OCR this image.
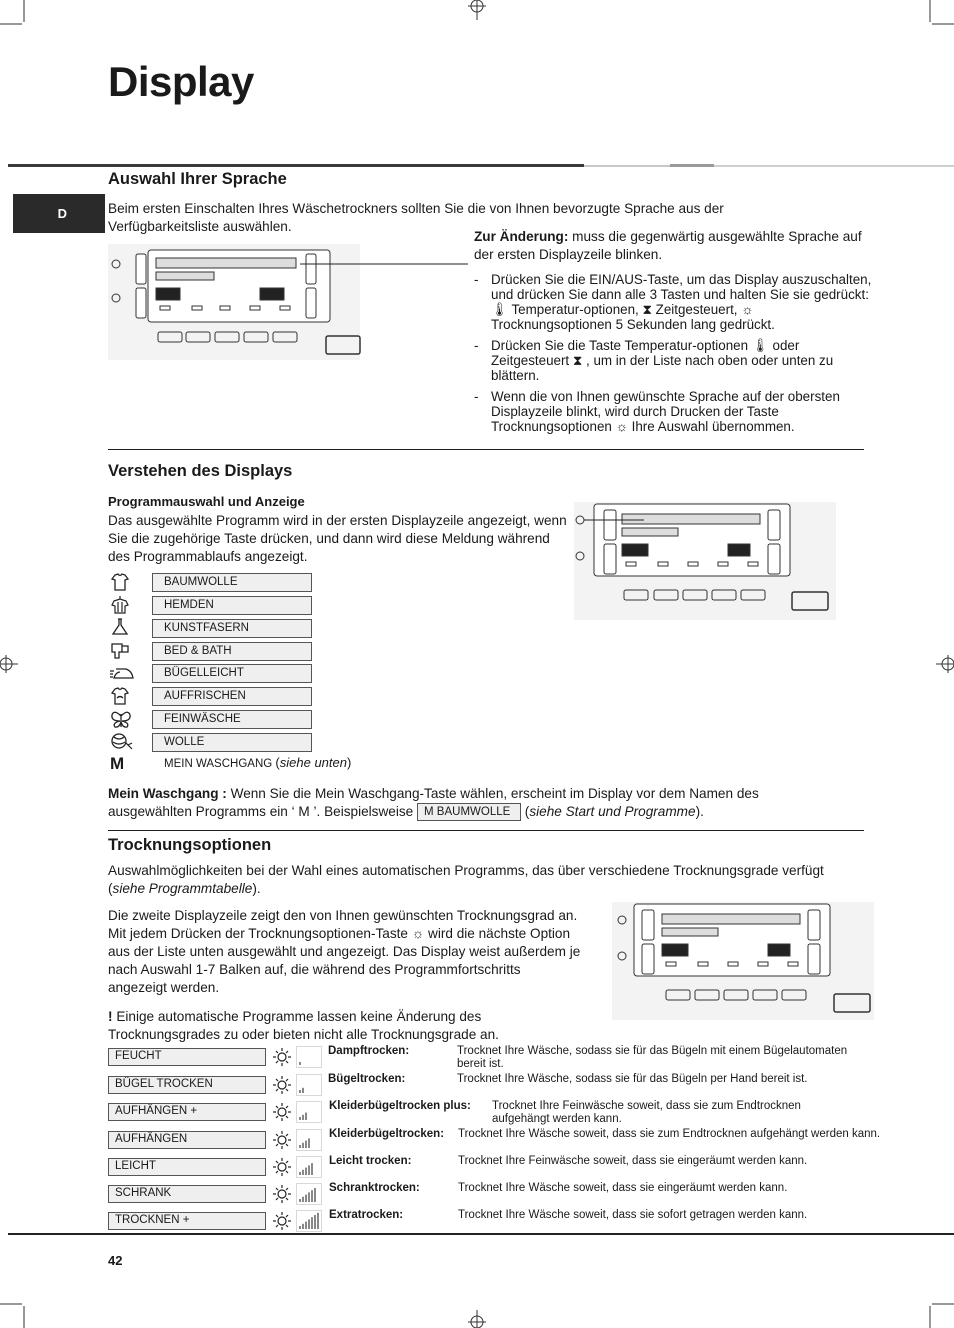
Display
D
Auswahl Ihrer Sprache
Beim ersten Einschalten Ihres Wäschetrockners sollten Sie die von Ihnen bevorzugte Sprache aus der Verfügbarkeitsliste auswählen.
Zur Änderung: muss die gegenwärtig ausgewählte Sprache auf der ersten Displayzeile blinken.
- Drücken Sie die EIN/AUS-Taste, um das Display auszuschalten, und drücken Sie dann alle 3 Tasten und halten Sie sie gedrückt: 🌡 Temperatur-optionen, ⧗ Zeitgesteuert, ☼ Trocknungsoptionen 5 Sekunden lang gedrückt.
- Drücken Sie die Taste Temperatur-optionen 🌡 oder Zeitgesteuert ⧗ , um in der Liste nach oben oder unten zu blättern.
- Wenn die von Ihnen gewünschte Sprache auf der obersten Displayzeile blinkt, wird durch Drucken der Taste Trocknungsoptionen ☼ Ihre Auswahl übernommen.
Verstehen des Displays
Programmauswahl und Anzeige
Das ausgewählte Programm wird in der ersten Displayzeile angezeigt, wenn Sie die zugehörige Taste drücken, und dann wird diese Meldung während des Programmablaufs angezeigt.
BAUMWOLLE
HEMDEN
KUNSTFASERN
BED & BATH
BÜGELLEICHT
AUFFRISCHEN
FEINWÄSCHE
WOLLE
M	MEIN WASCHGANG (siehe unten)
Mein Waschgang : Wenn Sie die Mein Waschgang-Taste wählen, erscheint im Display vor dem Namen des ausgewählten Programms ein ‘ M ’. Beispielsweise M BAUMWOLLE (siehe Start und Programme).
Trocknungsoptionen
Auswahlmöglichkeiten bei der Wahl eines automatischen Programms, das über verschiedene Trocknungsgrade verfügt (siehe Programmtabelle).
Die zweite Displayzeile zeigt den von Ihnen gewünschten Trocknungsgrad an. Mit jedem Drücken der Trocknungsoptionen-Taste ☼ wird die nächste Option aus der Liste unten ausgewählt und angezeigt. Das Display weist außerdem je nach Auswahl 1-7 Balken auf, die während des Programmfortschritts angezeigt werden.
! Einige automatische Programme lassen keine Änderung des Trocknungsgrades zu oder bieten nicht alle Trocknungsgrade an.
FEUCHT	Dampftrocken:	Trocknet Ihre Wäsche, sodass sie für das Bügeln mit einem Bügelautomaten bereit ist.
BÜGEL TROCKEN	Bügeltrocken:	Trocknet Ihre Wäsche, sodass sie für das Bügeln per Hand bereit ist.
AUFHÄNGEN +	Kleiderbügeltrocken plus: Trocknet Ihre Feinwäsche soweit, dass sie zum Endtrocknen aufgehängt werden kann.
AUFHÄNGEN	Kleiderbügeltrocken: Trocknet Ihre Wäsche soweit, dass sie zum Endtrocknen aufgehängt werden kann.
LEICHT	Leicht trocken:	Trocknet Ihre Feinwäsche soweit, dass sie eingeräumt werden kann.
SCHRANK	Schranktrocken:	Trocknet Ihre Wäsche soweit, dass sie eingeräumt werden kann.
TROCKNEN +	Extratrocken:	Trocknet Ihre Wäsche soweit, dass sie sofort getragen werden kann.
42
